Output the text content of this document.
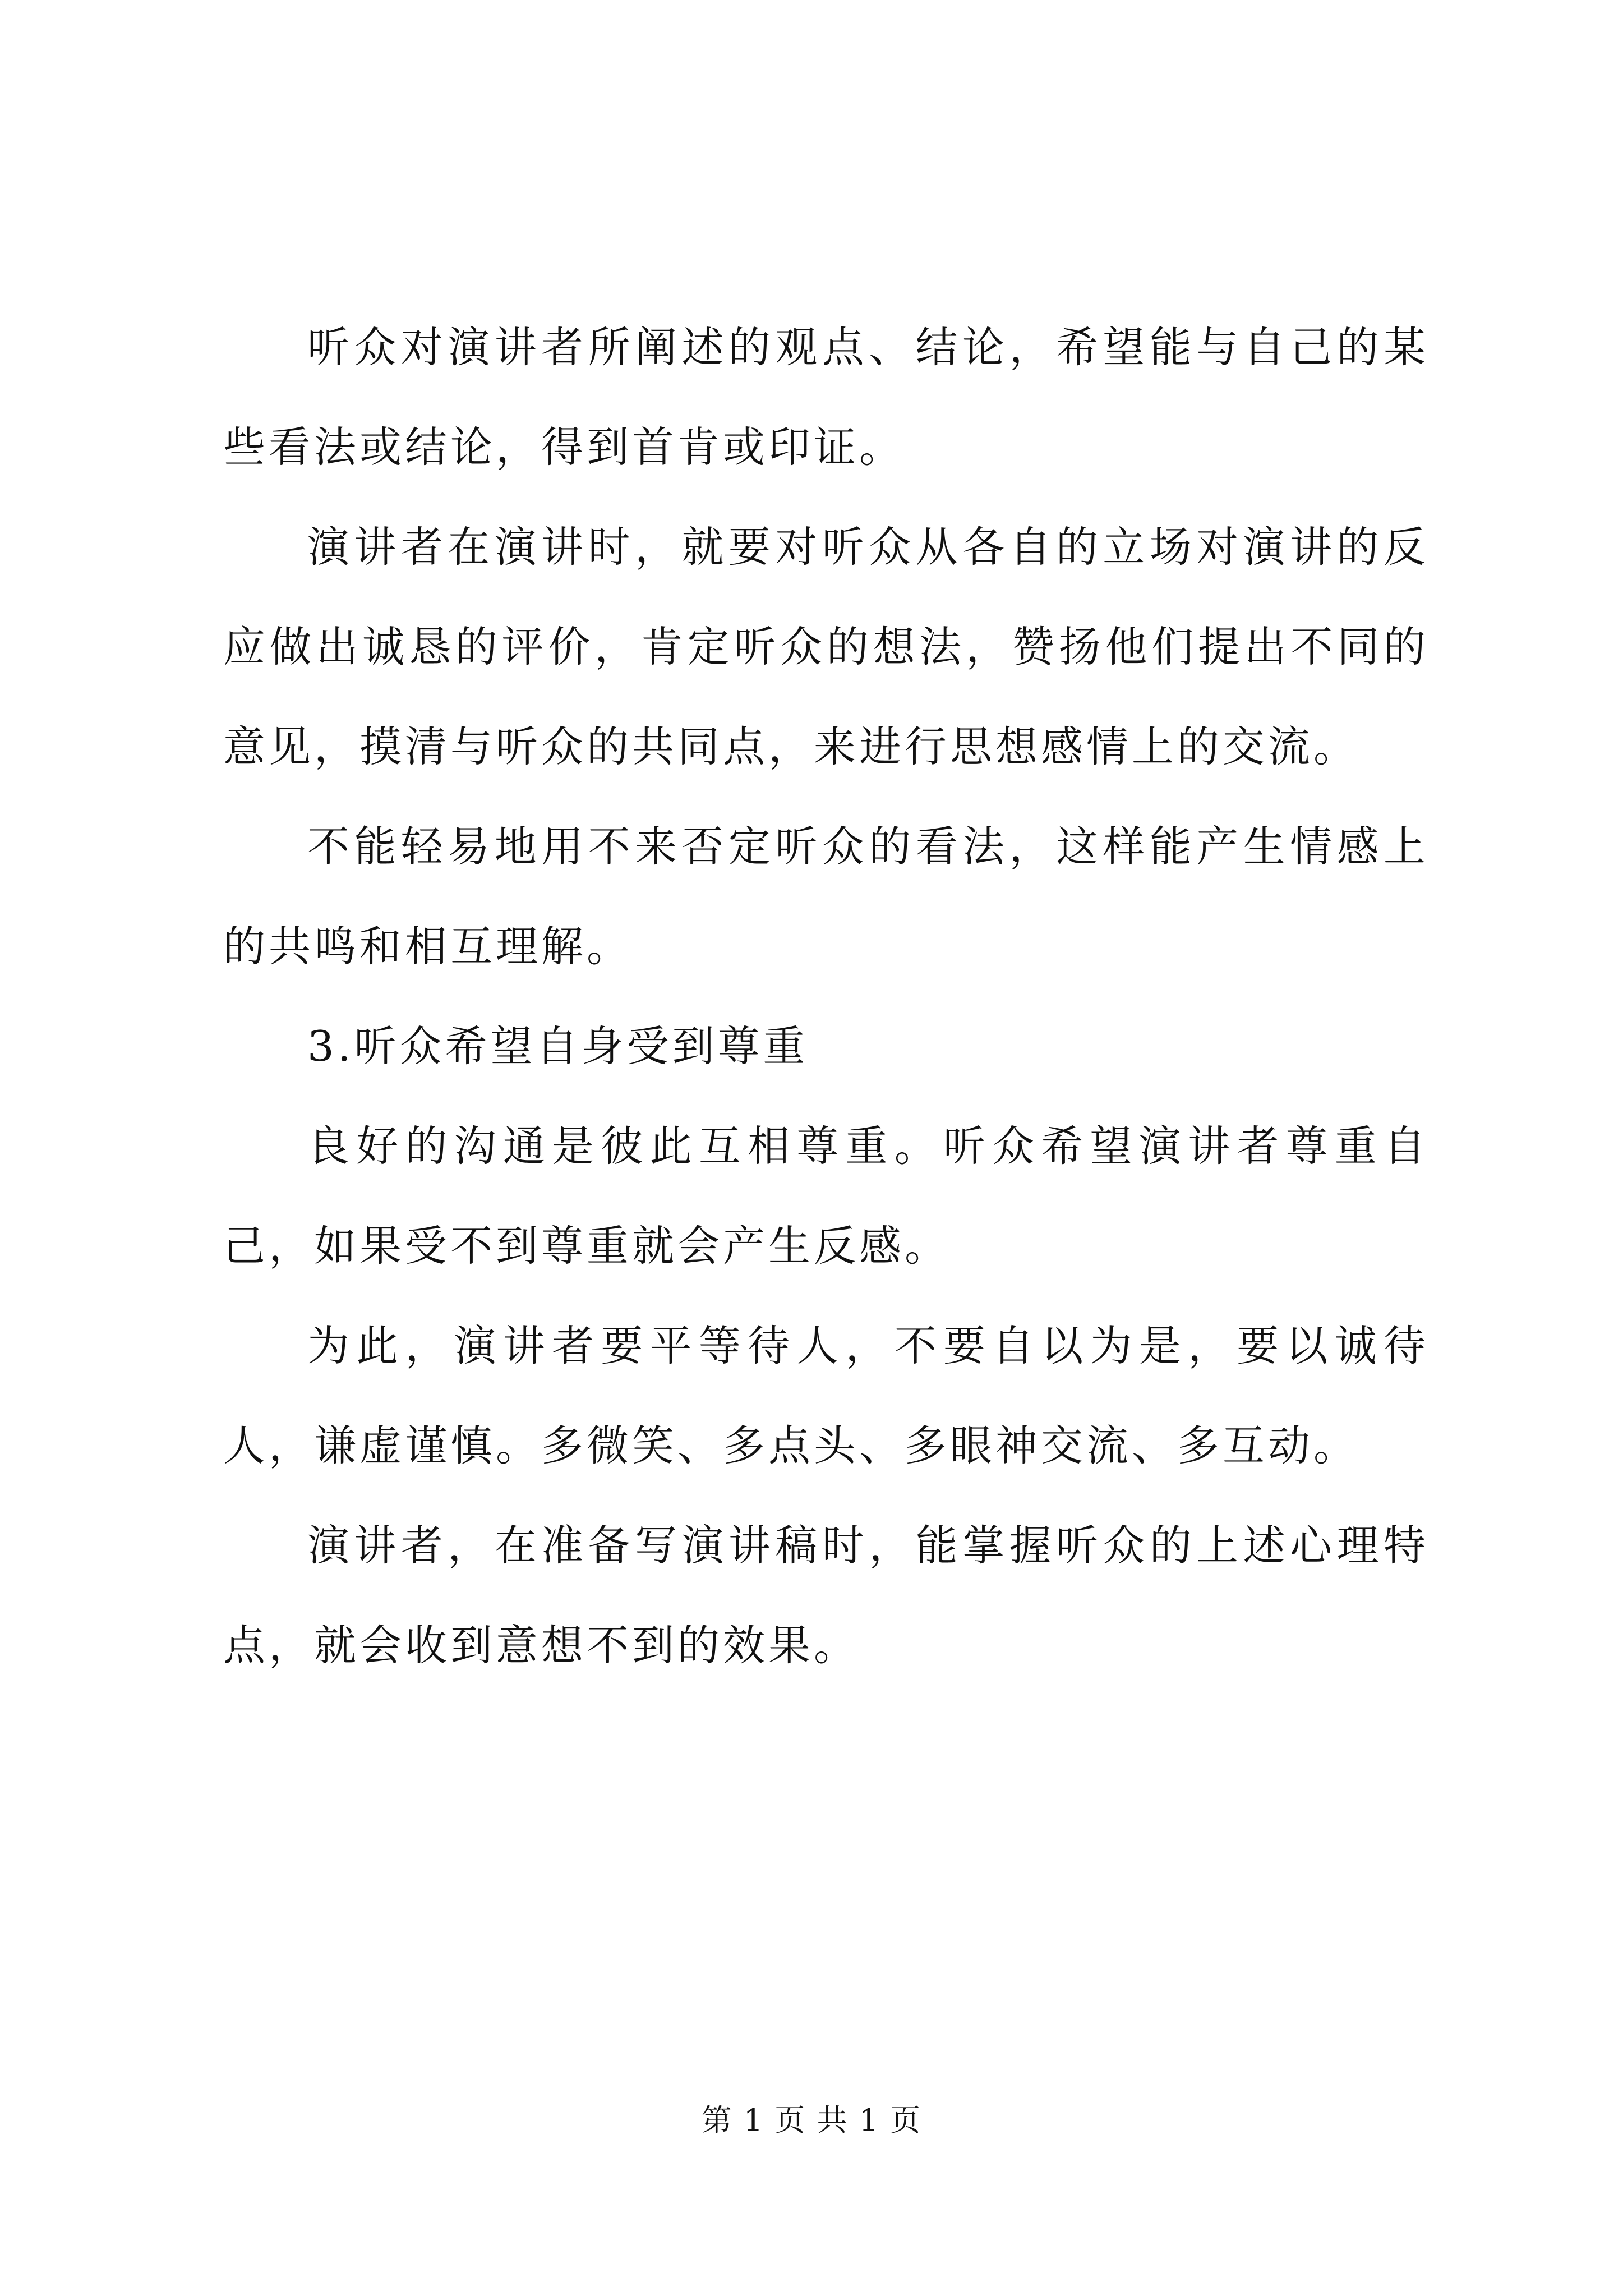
听众对演讲者所阐述的观点、结论，希望能与自己的某些看法或结论，得到首肯或印证。

演讲者在演讲时，就要对听众从各自的立场对演讲的反应做出诚恳的评价，肯定听众的想法，赞扬他们提出不同的意见，摸清与听众的共同点，来进行思想感情上的交流。

不能轻易地用不来否定听众的看法，这样能产生情感上的共鸣和相互理解。

3.听众希望自身受到尊重

良好的沟通是彼此互相尊重。听众希望演讲者尊重自己，如果受不到尊重就会产生反感。

为此，演讲者要平等待人，不要自以为是，要以诚待人，谦虚谨慎。多微笑、多点头、多眼神交流、多互动。

演讲者，在准备写演讲稿时，能掌握听众的上述心理特点，就会收到意想不到的效果。

第 1 页 共 1 页
